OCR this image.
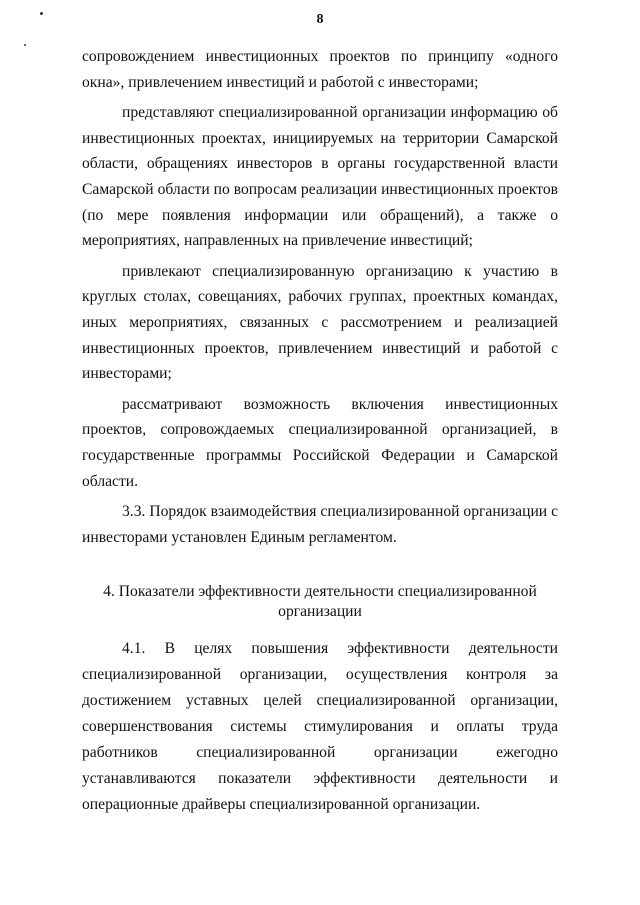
8

сопровождением инвестиционных проектов по принципу «одного окна», привлечением инвестиций и работой с инвесторами;

представляют специализированной организации информацию об инвестиционных проектах, инициируемых на территории Самарской области, обращениях инвесторов в органы государственной власти Самарской области по вопросам реализации инвестиционных проектов (по мере появления информации или обращений), а также о мероприятиях, направленных на привлечение инвестиций;

привлекают специализированную организацию к участию в круглых столах, совещаниях, рабочих группах, проектных командах, иных мероприятиях, связанных с рассмотрением и реализацией инвестиционных проектов, привлечением инвестиций и работой с инвесторами;

рассматривают возможность включения инвестиционных проектов, сопровождаемых специализированной организацией, в государственные программы Российской Федерации и Самарской области.

3.3. Порядок взаимодействия специализированной организации с инвесторами установлен Единым регламентом.

4. Показатели эффективности деятельности специализированной организации

4.1. В целях повышения эффективности деятельности специализированной организации, осуществления контроля за достижением уставных целей специализированной организации, совершенствования системы стимулирования и оплаты труда работников специализированной организации ежегодно устанавливаются показатели эффективности деятельности и операционные драйверы специализированной организации.
